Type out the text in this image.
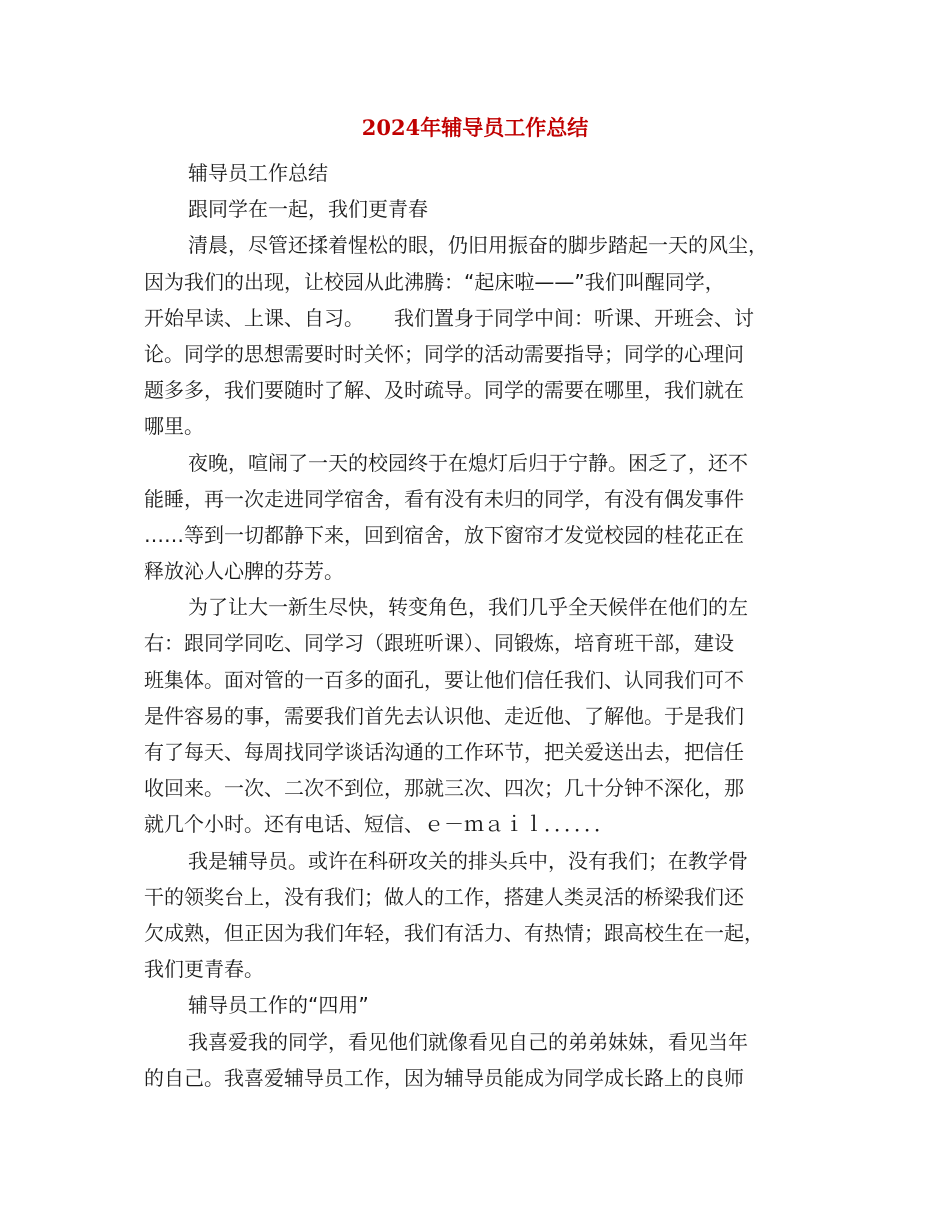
2024年辅导员工作总结
辅导员工作总结
跟同学在一起，我们更青春
清晨，尽管还揉着惺松的眼，仍旧用振奋的脚步踏起一天的风尘，
因为我们的出现，让校园从此沸腾：“起床啦——”我们叫醒同学，
开始早读、上课、自习。　　我们置身于同学中间：听课、开班会、讨
论。同学的思想需要时时关怀；同学的活动需要指导；同学的心理问
题多多，我们要随时了解、及时疏导。同学的需要在哪里，我们就在
哪里。
夜晚，喧闹了一天的校园终于在熄灯后归于宁静。困乏了，还不
能睡，再一次走进同学宿舍，看有没有未归的同学，有没有偶发事件
……等到一切都静下来，回到宿舍，放下窗帘才发觉校园的桂花正在
释放沁人心脾的芬芳。
为了让大一新生尽快，转变角色，我们几乎全天候伴在他们的左
右：跟同学同吃、同学习（跟班听课）、同锻炼，培育班干部，建设
班集体。面对管的一百多的面孔，要让他们信任我们、认同我们可不
是件容易的事，需要我们首先去认识他、走近他、了解他。于是我们
有了每天、每周找同学谈话沟通的工作环节，把关爱送出去，把信任
收回来。一次、二次不到位，那就三次、四次；几十分钟不深化，那
就几个小时。还有电话、短信、ｅ－ｍａｉｌ．．．．．．
我是辅导员。或许在科研攻关的排头兵中，没有我们；在教学骨
干的领奖台上，没有我们；做人的工作，搭建人类灵活的桥梁我们还
欠成熟，但正因为我们年轻，我们有活力、有热情；跟高校生在一起，
我们更青春。
辅导员工作的“四用”
我喜爱我的同学，看见他们就像看见自己的弟弟妹妹，看见当年
的自己。我喜爱辅导员工作，因为辅导员能成为同学成长路上的良师
